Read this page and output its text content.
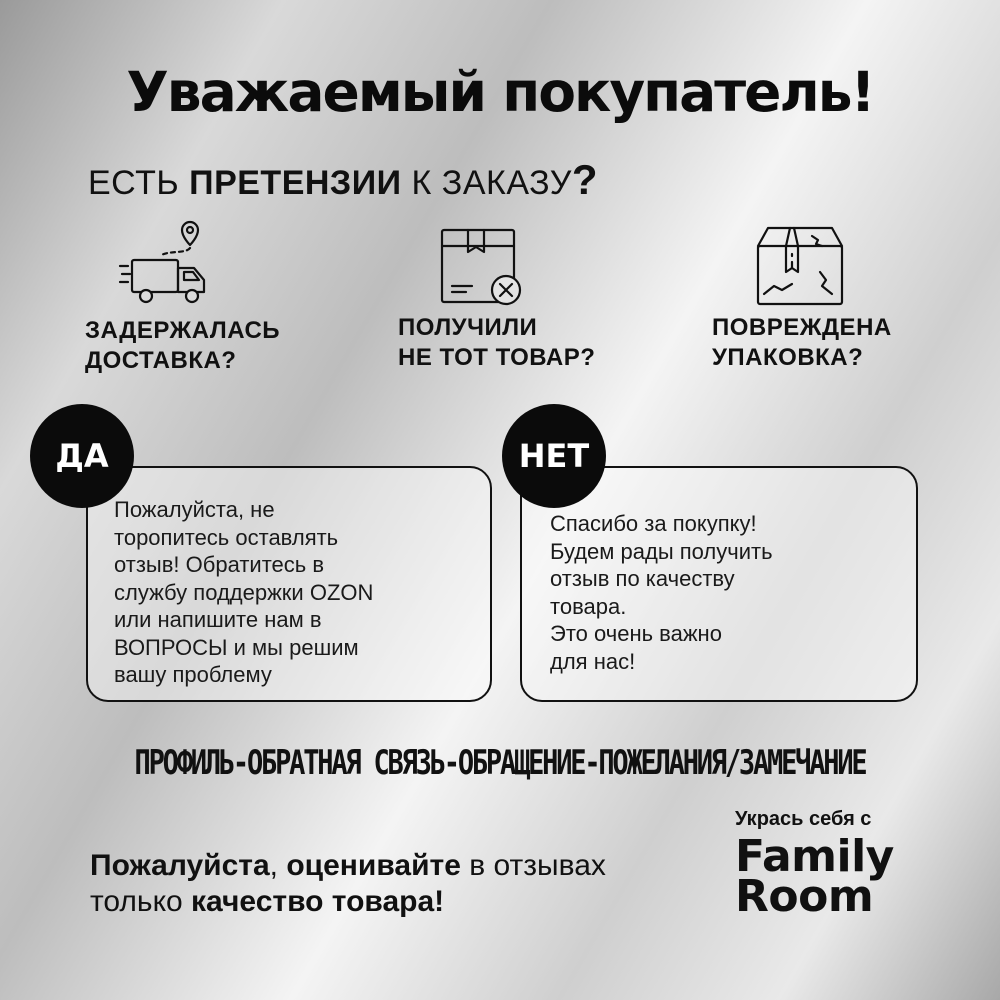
Уважаемый покупатель!
ЕСТЬ ПРЕТЕНЗИИ К ЗАКАЗУ?
ЗАДЕРЖАЛАСЬ
ДОСТАВКА?
ПОЛУЧИЛИ
НЕ ТОТ ТОВАР?
ПОВРЕЖДЕНА
УПАКОВКА?
Пожалуйста, не
торопитесь оставлять
отзыв! Обратитесь в
службу поддержки OZON
или напишите нам в
ВОПРОСЫ и мы решим
вашу проблему
ДА
Спасибо за покупку!
Будем рады получить
отзыв по качеству
товара.
Это очень важно
для нас!
НЕТ
ПРОФИЛЬ-ОБРАТНАЯ СВЯЗЬ-ОБРАЩЕНИЕ-ПОЖЕЛАНИЯ/ЗАМЕЧАНИЕ
Пожалуйста, оценивайте в отзывах
только качество товара!
Укрась себя с
Family
Room
